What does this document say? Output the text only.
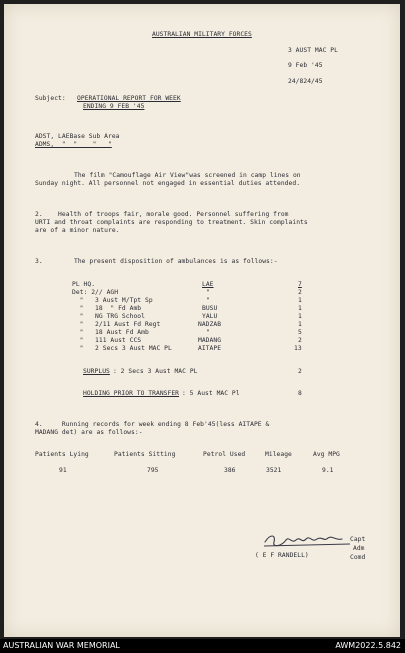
AUSTRALIAN MILITARY FORCES
3 AUST MAC PL
9 Feb '45
24/824/45
Subject: OPERATIONAL REPORT FOR WEEK
ENDING 9 FEB '45
ADST, LAEBase Sub Area
ADMS,  "  "    "   "
The film "Camouflage Air View"was screened in camp lines on
Sunday night. All personnel not engaged in essential duties attended.
2.    Health of troops fair, morale good. Personnel suffering from
URTI and throat complaints are responding to treatment. Skin complaints
are of a minor nature.
3.	The present disposition of ambulances is as follows:-
PL HQ.	LAE	7
Det: 2// AGH	"	2
"   3 Aust M/Tpt Sp	"	1
"   18  " Fd Amb	BUSU	1
"   NG TRG School	YALU	1
"   2/11 Aust Fd Regt	NADZAB	1
"   18 Aust Fd Amb	"	5
"   111 Aust CCS	MADANG	2
"   2 Secs 3 Aust MAC PL	AITAPE	13
SURPLUS : 2 Secs 3 Aust MAC PL	2
HOLDING PRIOR TO TRANSFER : 5 Aust MAC Pl	8
4.     Running records for week ending 8 Feb'45(less AITAPE &
MADANG det) are as follows:-
Patients Lying	Patients Sitting	Petrol Used	Mileage	Avg MPG
91	795	386	3521	9.1
( E F RANDELL)
Capt
Adm
Comd
AUSTRALIAN WAR MEMORIAL	AWM2022.5.842
